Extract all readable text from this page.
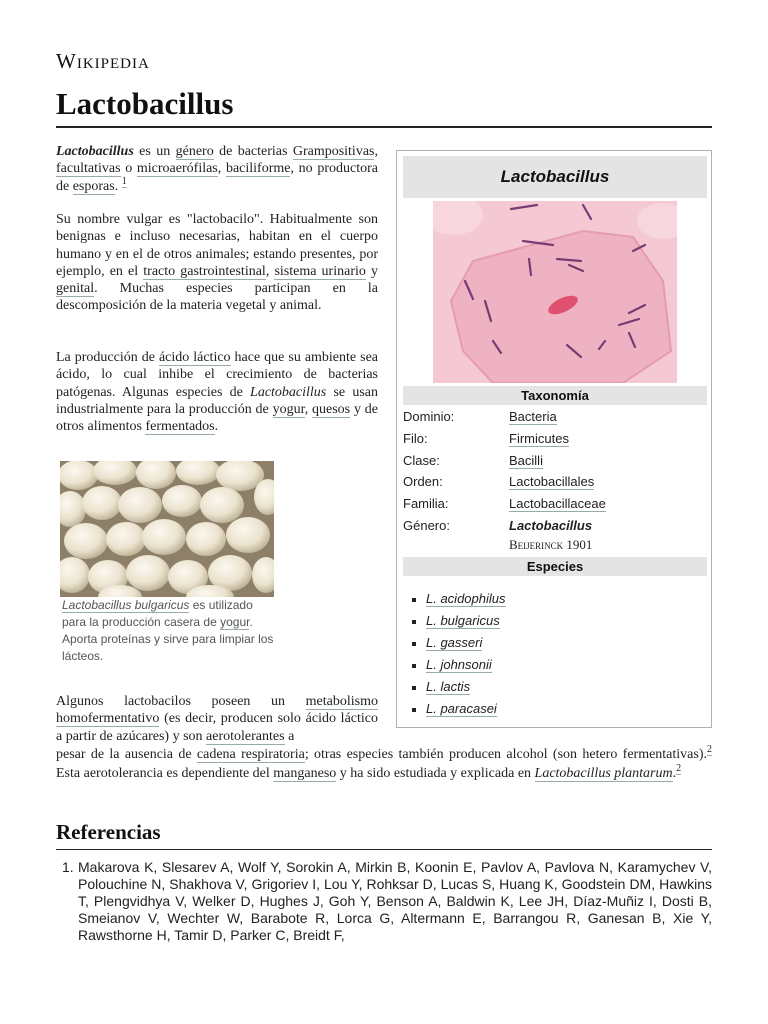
Wikipedia
Lactobacillus

Lactobacillus es un género de bacterias Grampositivas, facultativas o microaerófilas, baciliforme, no productora de esporas. $^1$

Su nombre vulgar es "lactobacilo". Habitualmente son benignas e incluso necesarias, habitan en el cuerpo humano y en el de otros animales; estando presentes, por ejemplo, en el tracto gastrointestinal, sistema urinario y genital. Muchas especies participan en la descomposición de la materia vegetal y animal.

La producción de ácido láctico hace que su ambiente sea ácido, lo cual inhibe el crecimiento de bacterias patógenas. Algunas especies de Lactobacillus se usan industrialmente para la producción de yogur, quesos y de otros alimentos fermentados.

Lactobacillus bulgaricus es utilizado para la producción casera de yogur. Aporta proteínas y sirve para limpiar los lácteos.

Algunos lactobacilos poseen un metabolismo homofermentativo (es decir, producen solo ácido láctico a partir de azúcares) y son aerotolerantes a

pesar de la ausencia de cadena respiratoria; otras especies también producen alcohol (son hetero fermentativas).$^2$ Esta aerotolerancia es dependiente del manganeso y ha sido estudiada y explicada en Lactobacillus plantarum.$^2$

Lactobacillus
Taxonomía
Dominio:	Bacteria
Filo:	Firmicutes
Clase:	Bacilli
Orden:	Lactobacillales
Familia:	Lactobacillaceae
Género:	Lactobacillus
Beijerinck 1901
Especies
L. acidophilus
L. bulgaricus
L. gasseri
L. johnsonii
L. lactis
L. paracasei
Referencias
1. Makarova K, Slesarev A, Wolf Y, Sorokin A, Mirkin B, Koonin E, Pavlov A, Pavlova N, Karamychev V, Polouchine N, Shakhova V, Grigoriev I, Lou Y, Rohksar D, Lucas S, Huang K, Goodstein DM, Hawkins T, Plengvidhya V, Welker D, Hughes J, Goh Y, Benson A, Baldwin K, Lee JH, Díaz-Muñiz I, Dosti B, Smeianov V, Wechter W, Barabote R, Lorca G, Altermann E, Barrangou R, Ganesan B, Xie Y, Rawsthorne H, Tamir D, Parker C, Breidt F,
